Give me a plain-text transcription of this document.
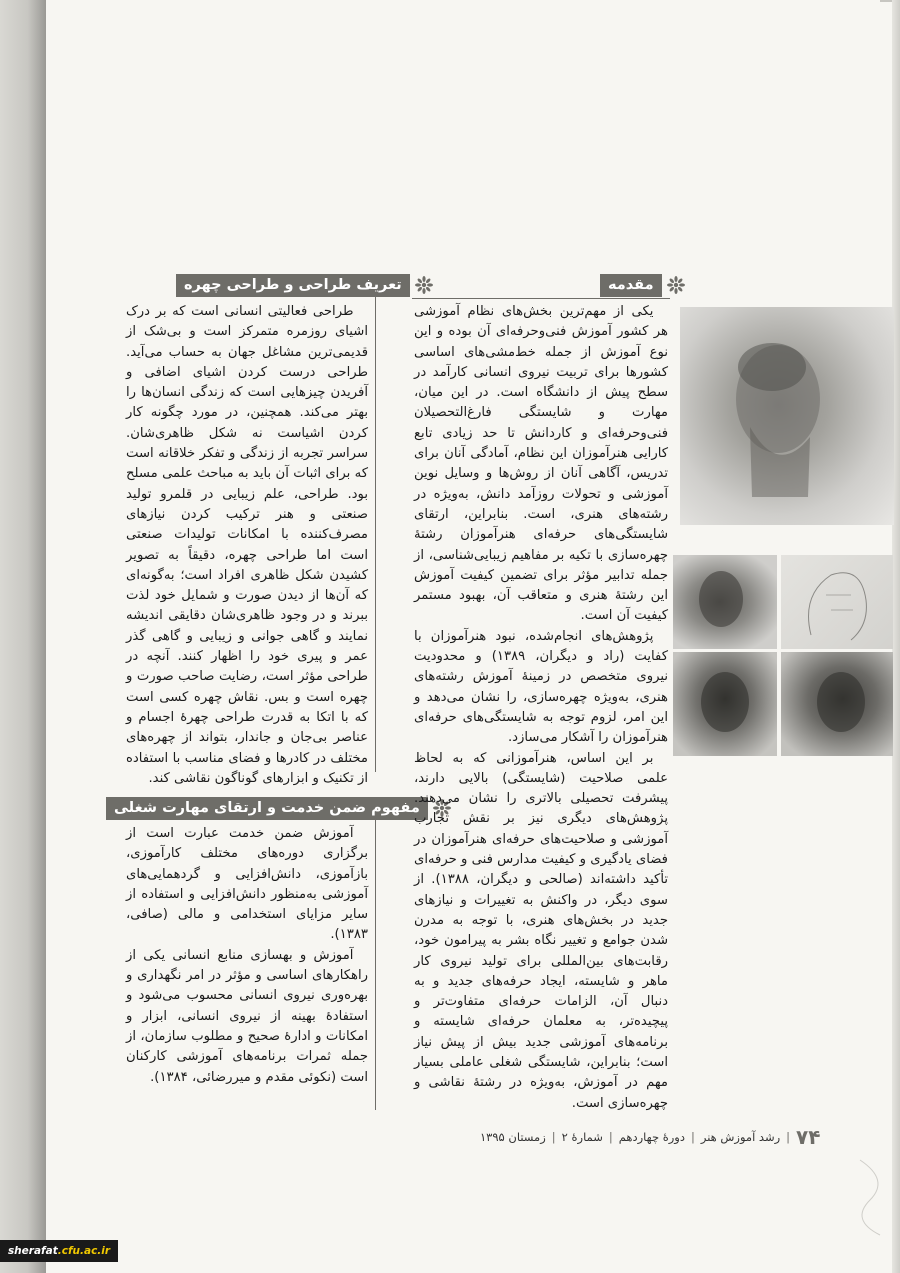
مقدمه
تعریف طراحی و طراحی چهره
مفهوم ضمن خدمت و ارتقای مهارت شغلی

یکی از مهم‌ترین بخش‌های نظام آموزشی هر کشور آموزش فنی‌وحرفه‌ای آن بوده و این نوع آموزش از جمله خط‌مشی‌های اساسی کشورها برای تربیت نیروی انسانی کارآمد در سطح پیش از دانشگاه است. در این میان، مهارت و شایستگی فارغ‌التحصیلان فنی‌وحرفه‌ای و کاردانش تا حد زیادی تابع کارایی هنرآموزان این نظام، آمادگی آنان برای تدریس، آگاهی آنان از روش‌ها و وسایل نوین آموزشی و تحولات روزآمد دانش، به‌ویژه در رشته‌های هنری، است. بنابراین، ارتقای شایستگی‌های حرفه‌ای هنرآموزان رشتهٔ چهره‌سازی با تکیه بر مفاهیم زیبایی‌شناسی، از جمله تدابیر مؤثر برای تضمین کیفیت آموزش این رشتهٔ هنری و متعاقب آن، بهبود مستمر کیفیت آن است.

پژوهش‌های انجام‌شده، نبود هنرآموزان با کفایت (راد و دیگران، ۱۳۸۹) و محدودیت نیروی متخصص در زمینهٔ آموزش رشته‌های هنری، به‌ویژه چهره‌سازی، را نشان می‌دهد و این امر، لزوم توجه به شایستگی‌های حرفه‌ای هنرآموزان را آشکار می‌سازد.

بر این اساس، هنرآموزانی که به لحاظ علمی صلاحیت (شایستگی) بالایی دارند، پیشرفت تحصیلی بالاتری را نشان می‌دهند. پژوهش‌های دیگری نیز بر نقش تجارب آموزشی و صلاحیت‌های حرفه‌ای هنرآموزان در فضای یادگیری و کیفیت مدارس فنی و حرفه‌ای تأکید داشته‌اند (صالحی و دیگران، ۱۳۸۸). از سوی دیگر، در واکنش به تغییرات و نیازهای جدید در بخش‌های هنری، با توجه به مدرن شدن جوامع و تغییر نگاه بشر به پیرامون خود، رقابت‌های بین‌المللی برای تولید نیروی کار ماهر و شایسته، ایجاد حرفه‌های جدید و به دنبال آن، الزامات حرفه‌ای متفاوت‌تر و پیچیده‌تر، به معلمان حرفه‌ای شایسته و برنامه‌های آموزشی جدید بیش از پیش نیاز است؛ بنابراین، شایستگی شغلی عاملی بسیار مهم در آموزش، به‌ویژه در رشتهٔ نقاشی و چهره‌سازی است.

طراحی فعالیتی انسانی است که بر درک اشیای روزمره متمرکز است و بی‌شک از قدیمی‌ترین مشاغل جهان به حساب می‌آید. طراحی درست کردن اشیای اضافی و آفریدن چیزهایی است که زندگی انسان‌ها را بهتر می‌کند. همچنین، در مورد چگونه کار کردن اشیاست نه شکل ظاهری‌شان. سراسر تجربه از زندگی و تفکر خلاقانه است که برای اثبات آن باید به مباحث علمی مسلح بود. طراحی، علم زیبایی در قلمرو تولید صنعتی و هنر ترکیب کردن نیازهای مصرف‌کننده با امکانات تولیدات صنعتی است اما طراحی چهره، دقیقاً به تصویر کشیدن شکل ظاهری افراد است؛ به‌گونه‌ای که آن‌ها از دیدن صورت و شمایل خود لذت ببرند و در وجود ظاهری‌شان دقایقی اندیشه نمایند و گاهی جوانی و زیبایی و گاهی گذر عمر و پیری خود را اظهار کنند. آنچه در طراحی مؤثر است، رضایت صاحب صورت و چهره است و بس. نقاش چهره کسی است که با اتکا به قدرت طراحی چهرهٔ اجسام و عناصر بی‌جان و جاندار، بتواند از چهره‌های مختلف در کادرها و فضای مناسب با استفاده از تکنیک و ابزارهای گوناگون نقاشی کند.

آموزش ضمن خدمت عبارت است از برگزاری دوره‌های مختلف کارآموزی، بازآموزی، دانش‌افزایی و گردهمایی‌های آموزشی به‌منظور دانش‌افزایی و استفاده از سایر مزایای استخدامی و مالی (صافی، ۱۳۸۳).

آموزش و بهسازی منابع انسانی یکی از راهکارهای اساسی و مؤثر در امر نگهداری و بهره‌وری نیروی انسانی محسوب می‌شود و استفادهٔ بهینه از نیروی انسانی، ابزار و امکانات و ادارهٔ صحیح و مطلوب سازمان، از جمله ثمرات برنامه‌های آموزشی کارکنان است (نکوئی مقدم و میررضائی، ۱۳۸۴).

۷۴
|
رشد آموزش هنر
|
دورهٔ چهاردهم
|
شمارهٔ ۲
|
زمستان ۱۳۹۵
sherafat .cfu.ac.ir
